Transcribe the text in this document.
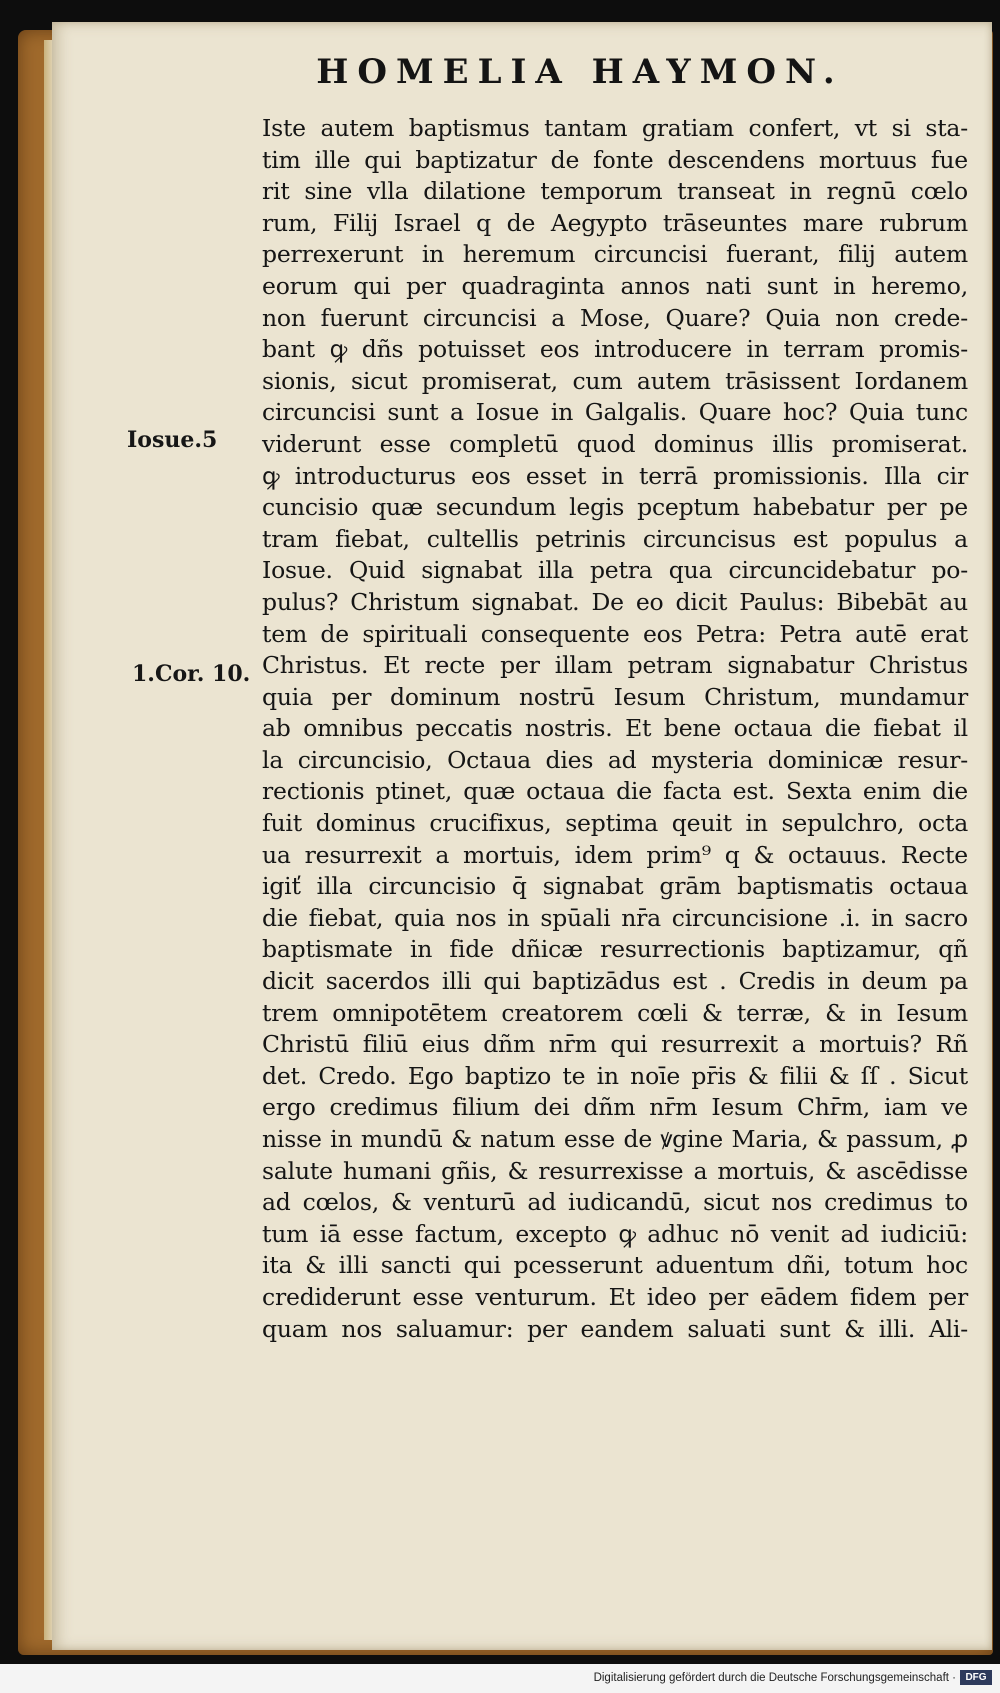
HOMELIA HAYMON.
Iosue.5
1.Cor. 10.
Iste autem baptismus tantam gratiam confert, vt si sta-
tim ille qui baptizatur de fonte descendens mortuus fue
rit sine vlla dilatione temporum transeat in regnū cœlo
rum, Filij Israel q de Aegypto trāseuntes mare rubrum
perrexerunt in heremum circuncisi fuerant, filij autem
eorum qui per quadraginta annos nati sunt in heremo,
non fuerunt circuncisi a Mose, Quare? Quia non crede-
bant ꝙ dñs potuisset eos introducere in terram promis-
sionis, sicut promiserat, cum autem trāsissent Iordanem
circuncisi sunt a Iosue in Galgalis. Quare hoc? Quia tunc
viderunt esse completū quod dominus illis promiserat.
ꝙ introducturus eos esset in terrā promissionis. Illa cir
cuncisio quæ secundum legis pceptum habebatur per pe
tram fiebat, cultellis petrinis circuncisus est populus a
Iosue. Quid signabat illa petra qua circuncidebatur po-
pulus? Christum signabat. De eo dicit Paulus: Bibebāt au
tem de spirituali consequente eos Petra: Petra autē erat
Christus. Et recte per illam petram signabatur Christus
quia per dominum nostrū Iesum Christum, mundamur
ab omnibus peccatis nostris. Et bene octaua die fiebat il
la circuncisio, Octaua dies ad mysteria dominicæ resur-
rectionis ptinet, quæ octaua die facta est. Sexta enim die
fuit dominus crucifixus, septima qeuit in sepulchro, octa
ua resurrexit a mortuis, idem prim⁹ q & octauus. Recte
igiť illa circuncisio q̄ signabat grām baptismatis octaua
die fiebat, quia nos in spūali nr̄a circuncisione .i. in sacro
baptismate in fide dñicæ resurrectionis baptizamur, qñ
dicit sacerdos illi qui baptizādus est . Credis in deum pa
trem omnipotētem creatorem cœli & terræ, & in Iesum
Christū filiū eius dñm nr̄m qui resurrexit a mortuis? Rñ
det. Credo. Ego baptizo te in noīe pr̄is & filii & ſſ . Sicut
ergo credimus filium dei dñm nr̄m Iesum Chr̄m, iam ve
nisse in mundū & natum esse de ꝟgine Maria, & passum, ꝓ
salute humani gñis, & resurrexisse a mortuis, & ascēdisse
ad cœlos, & venturū ad iudicandū, sicut nos credimus to
tum iā esse factum, excepto ꝙ adhuc nō venit ad iudiciū:
ita & illi sancti qui pcesserunt aduentum dñi, totum hoc
crediderunt esse venturum. Et ideo per eādem fidem per
quam nos saluamur: per eandem saluati sunt & illi. Ali-
Digitalisierung gefördert durch die Deutsche Forschungsgemeinschaft · DFG
